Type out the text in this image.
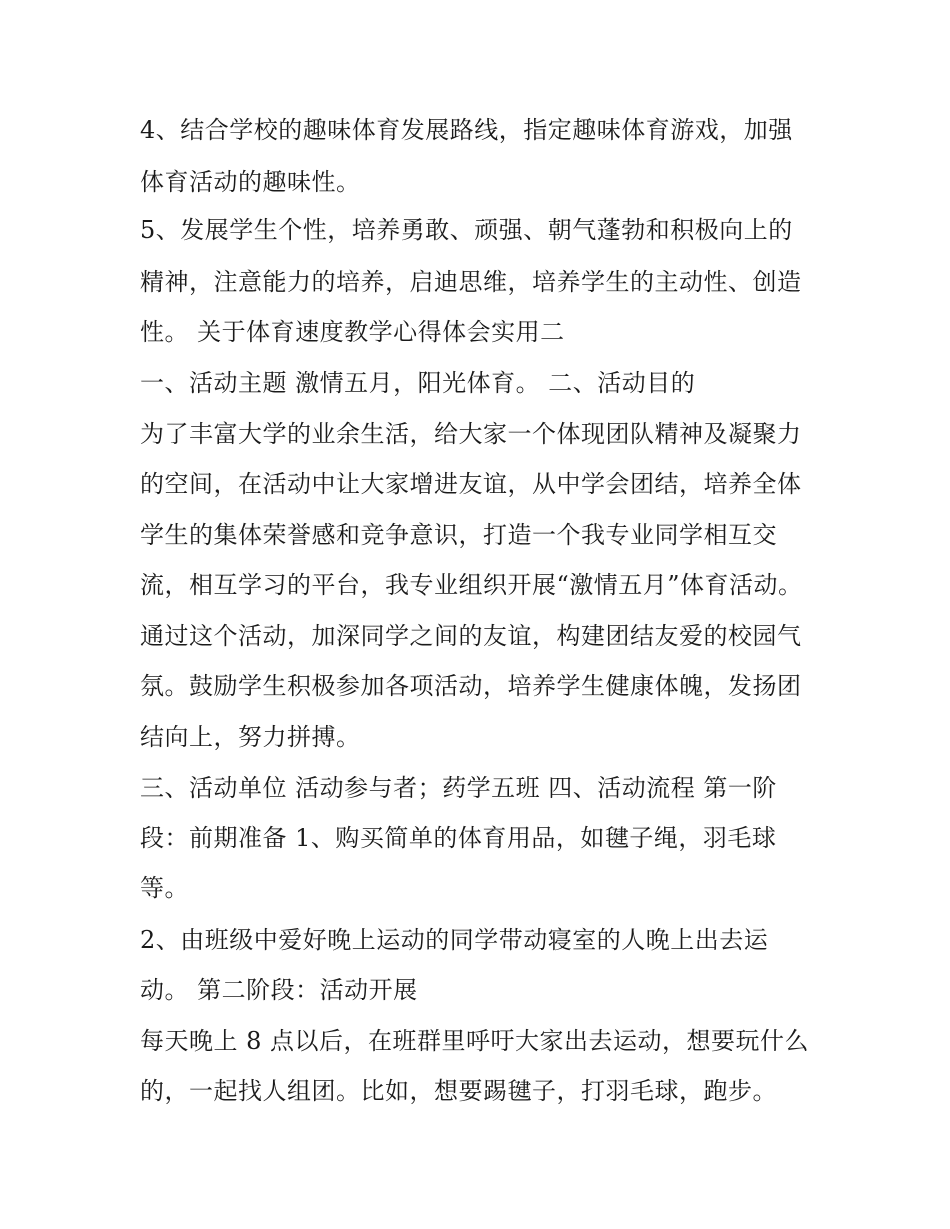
4、结合学校的趣味体育发展路线，指定趣味体育游戏，加强
体育活动的趣味性。
5、发展学生个性，培养勇敢、顽强、朝气蓬勃和积极向上的
精神，注意能力的培养，启迪思维，培养学生的主动性、创造
性。 关于体育速度教学心得体会实用二
一、活动主题 激情五月，阳光体育。 二、活动目的
为了丰富大学的业余生活，给大家一个体现团队精神及凝聚力
的空间，在活动中让大家增进友谊，从中学会团结，培养全体
学生的集体荣誉感和竞争意识，打造一个我专业同学相互交
流，相互学习的平台，我专业组织开展“激情五月”体育活动。
通过这个活动，加深同学之间的友谊，构建团结友爱的校园气
氛。鼓励学生积极参加各项活动，培养学生健康体魄，发扬团
结向上，努力拼搏。
三、活动单位 活动参与者；药学五班 四、活动流程 第一阶
段：前期准备 1、购买简单的体育用品，如毽子绳，羽毛球
等。
2、由班级中爱好晚上运动的同学带动寝室的人晚上出去运
动。 第二阶段：活动开展
每天晚上 8 点以后，在班群里呼吁大家出去运动，想要玩什么
的，一起找人组团。比如，想要踢毽子，打羽毛球，跑步。
